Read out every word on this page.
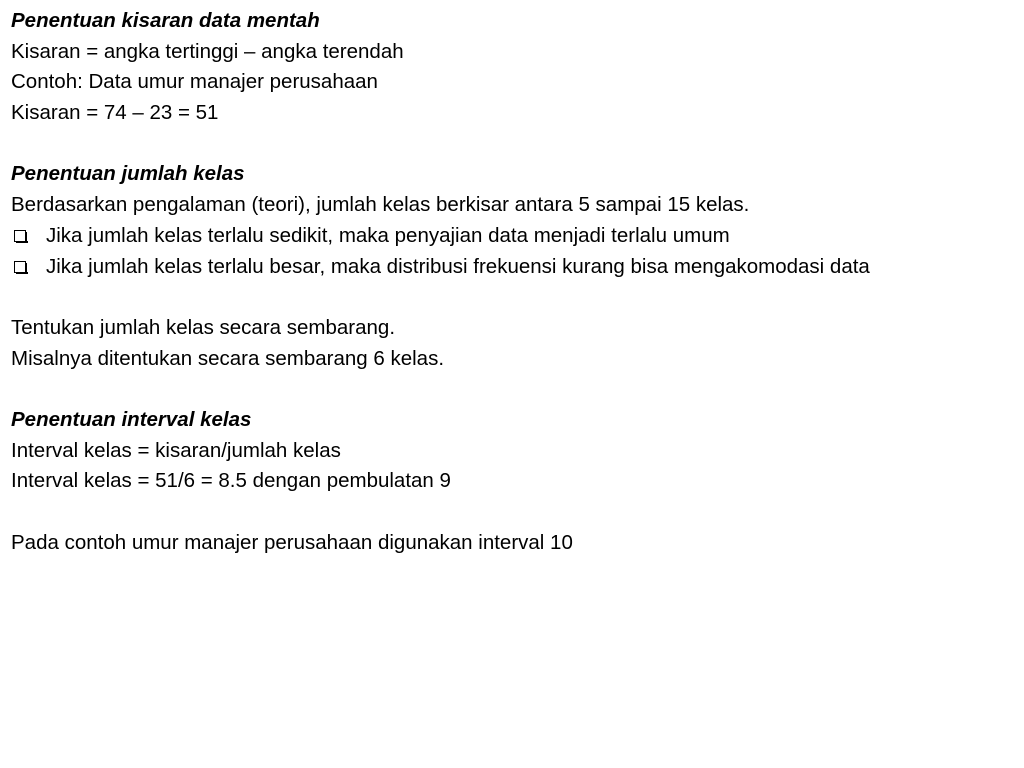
Penentuan kisaran data mentah
Kisaran = angka tertinggi – angka terendah
Contoh: Data umur manajer perusahaan
Kisaran = 74 – 23 = 51
Penentuan jumlah kelas
Berdasarkan pengalaman (teori), jumlah kelas berkisar antara 5 sampai 15 kelas.
Jika jumlah kelas terlalu sedikit, maka penyajian data menjadi terlalu umum
Jika jumlah kelas terlalu besar, maka distribusi frekuensi kurang bisa mengakomodasi data
Tentukan jumlah kelas secara sembarang.
Misalnya ditentukan secara sembarang 6 kelas.
Penentuan interval kelas
Interval kelas = kisaran/jumlah kelas
Interval kelas = 51/6 = 8.5 dengan pembulatan 9
Pada contoh umur manajer perusahaan digunakan interval 10
